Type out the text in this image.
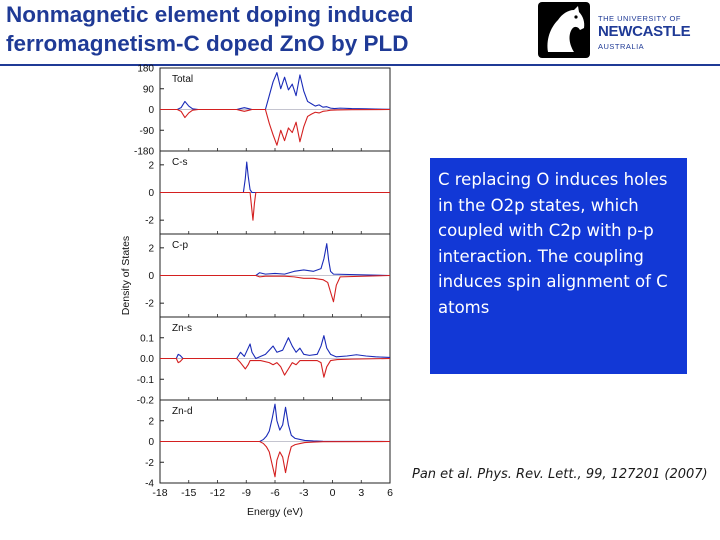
Nonmagnetic element doping induced
ferromagnetism-C doped ZnO by PLD
THE UNIVERSITY OF
NEWCASTLE
AUSTRALIA
Total
180
90
0
-90
-180
C-s
2
0
-2
C-p
2
0
-2
Zn-s
0.1
0.0
-0.1
-0.2
Zn-d
2
0
-2
-4
-18 -15 -12 -9 -6 -3 0 3 6
Energy (eV)
Density of States
C replacing O induces holes in the O2p states, which coupled with C2p with p-p interaction. The coupling induces spin alignment of C atoms
Pan et al. Phys. Rev. Lett., 99, 127201 (2007)
